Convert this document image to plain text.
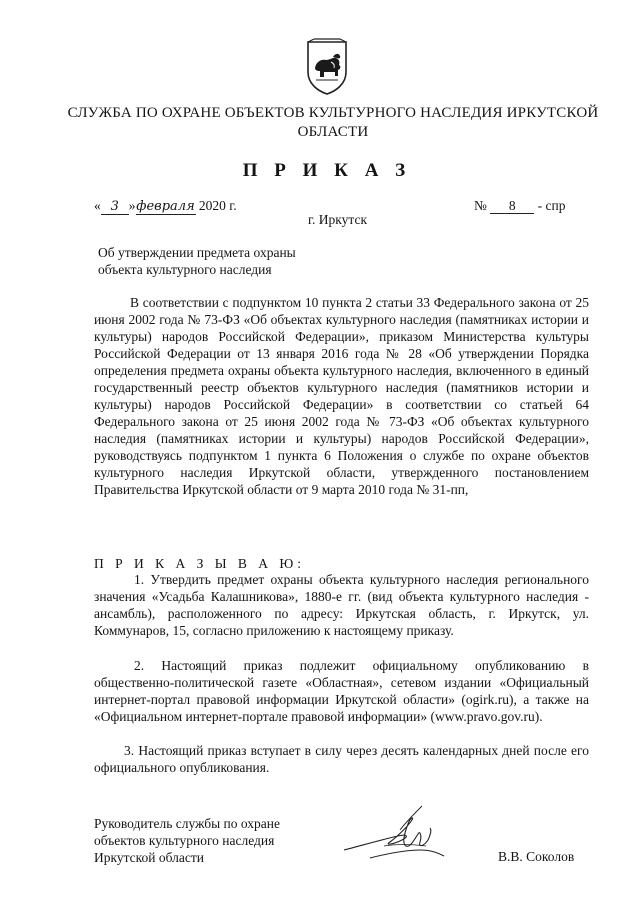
СЛУЖБА ПО ОХРАНЕ ОБЪЕКТОВ КУЛЬТУРНОГО НАСЛЕДИЯ ИРКУТСКОЙ ОБЛАСТИ
П Р И К А З
« 3 »февраля 2020 г.	№ 8 - спр
г. Иркутск
Об утверждении предмета охраны
объекта культурного наследия
В соответствии с подпунктом 10 пункта 2 статьи 33 Федерального закона от 25 июня 2002 года № 73-ФЗ «Об объектах культурного наследия (памятниках истории и культуры) народов Российской Федерации», приказом Министерства культуры Российской Федерации от 13 января 2016 года № 28 «Об утверждении Порядка определения предмета охраны объекта культурного наследия, включенного в единый государственный реестр объектов культурного наследия (памятников истории и культуры) народов Российской Федерации» в соответствии со статьей 64 Федерального закона от 25 июня 2002 года № 73-ФЗ «Об объектах культурного наследия (памятниках истории и культуры) народов Российской Федерации», руководствуясь подпунктом 1 пункта 6 Положения о службе по охране объектов культурного наследия Иркутской области, утвержденного постановлением Правительства Иркутской области от 9 марта 2010 года № 31-пп,
П Р И К А З Ы В А Ю:
1. Утвердить предмет охраны объекта культурного наследия регионального значения «Усадьба Калашникова», 1880-е гг. (вид объекта культурного наследия - ансамбль), расположенного по адресу: Иркутская область, г. Иркутск, ул. Коммунаров, 15, согласно приложению к настоящему приказу.
2. Настоящий приказ подлежит официальному опубликованию в общественно-политической газете «Областная», сетевом издании «Официальный интернет-портал правовой информации Иркутской области» (ogirk.ru), а также на «Официальном интернет-портале правовой информации» (www.pravo.gov.ru).
3. Настоящий приказ вступает в силу через десять календарных дней после его официального опубликования.
Руководитель службы по охране
объектов культурного наследия
Иркутской области	В.В. Соколов
